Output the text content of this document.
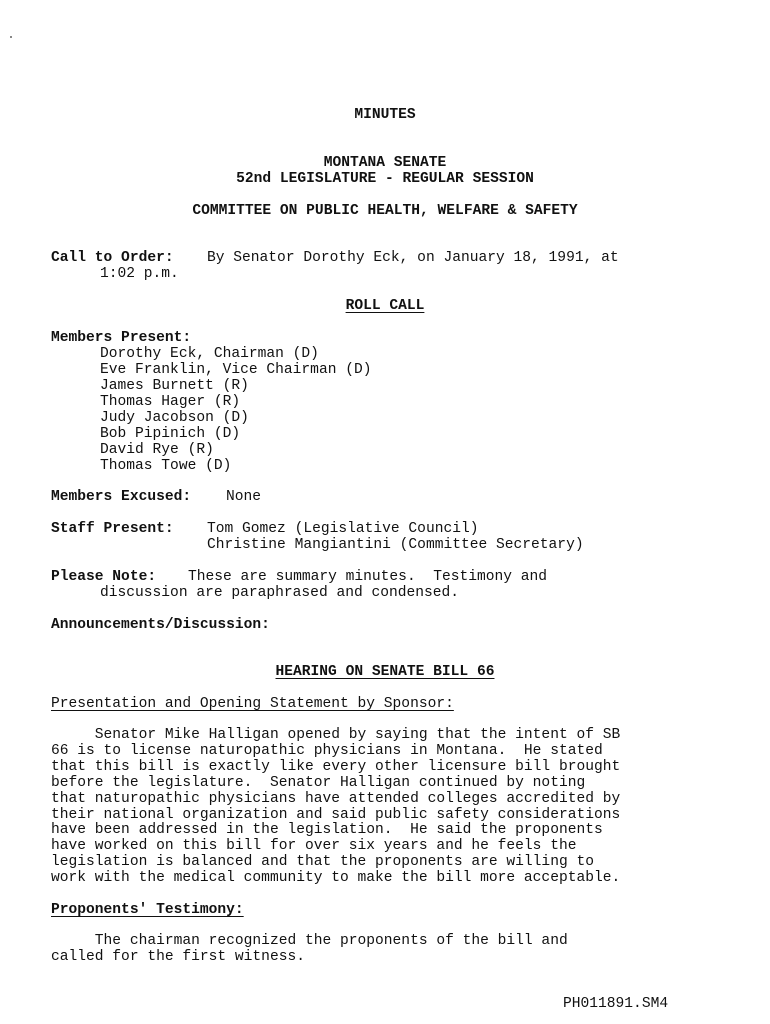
MINUTES
MONTANA SENATE
52nd LEGISLATURE - REGULAR SESSION
COMMITTEE ON PUBLIC HEALTH, WELFARE & SAFETY
Call to Order: By Senator Dorothy Eck, on January 18, 1991, at
1:02 p.m.
ROLL CALL
Members Present:
Dorothy Eck, Chairman (D)
Eve Franklin, Vice Chairman (D)
James Burnett (R)
Thomas Hager (R)
Judy Jacobson (D)
Bob Pipinich (D)
David Rye (R)
Thomas Towe (D)
Members Excused: None
Staff Present: Tom Gomez (Legislative Council)
Christine Mangiantini (Committee Secretary)
Please Note: These are summary minutes.  Testimony and
discussion are paraphrased and condensed.
Announcements/Discussion:
HEARING ON SENATE BILL 66
Presentation and Opening Statement by Sponsor:
Senator Mike Halligan opened by saying that the intent of SB
66 is to license naturopathic physicians in Montana.  He stated
that this bill is exactly like every other licensure bill brought
before the legislature.  Senator Halligan continued by noting
that naturopathic physicians have attended colleges accredited by
their national organization and said public safety considerations
have been addressed in the legislation.  He said the proponents
have worked on this bill for over six years and he feels the
legislation is balanced and that the proponents are willing to
work with the medical community to make the bill more acceptable.
Proponents' Testimony:
The chairman recognized the proponents of the bill and
called for the first witness.
PH011891.SM4
